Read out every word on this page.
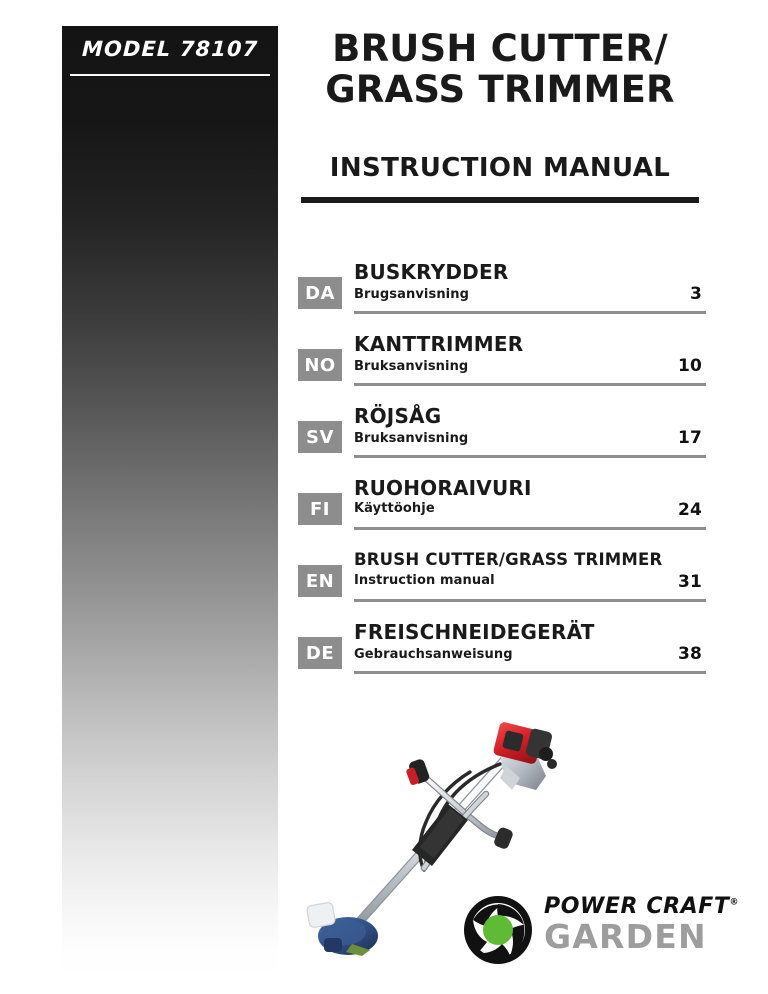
MODEL 78107	BRUSH CUTTER/
GRASS TRIMMER
INSTRUCTION MANUAL
DA
BUSKRYDDER
Brugsanvisning	3
NO
KANTTRIMMER
Bruksanvisning	10
SV
RÖJSÅG
Bruksanvisning	17
FI
RUOHORAIVURI
Käyttöohje	24
EN
BRUSH CUTTER/GRASS TRIMMER
Instruction manual	31
DE
FREISCHNEIDEGERÄT
Gebrauchsanweisung	38
POWER CRAFT®
GARDEN
